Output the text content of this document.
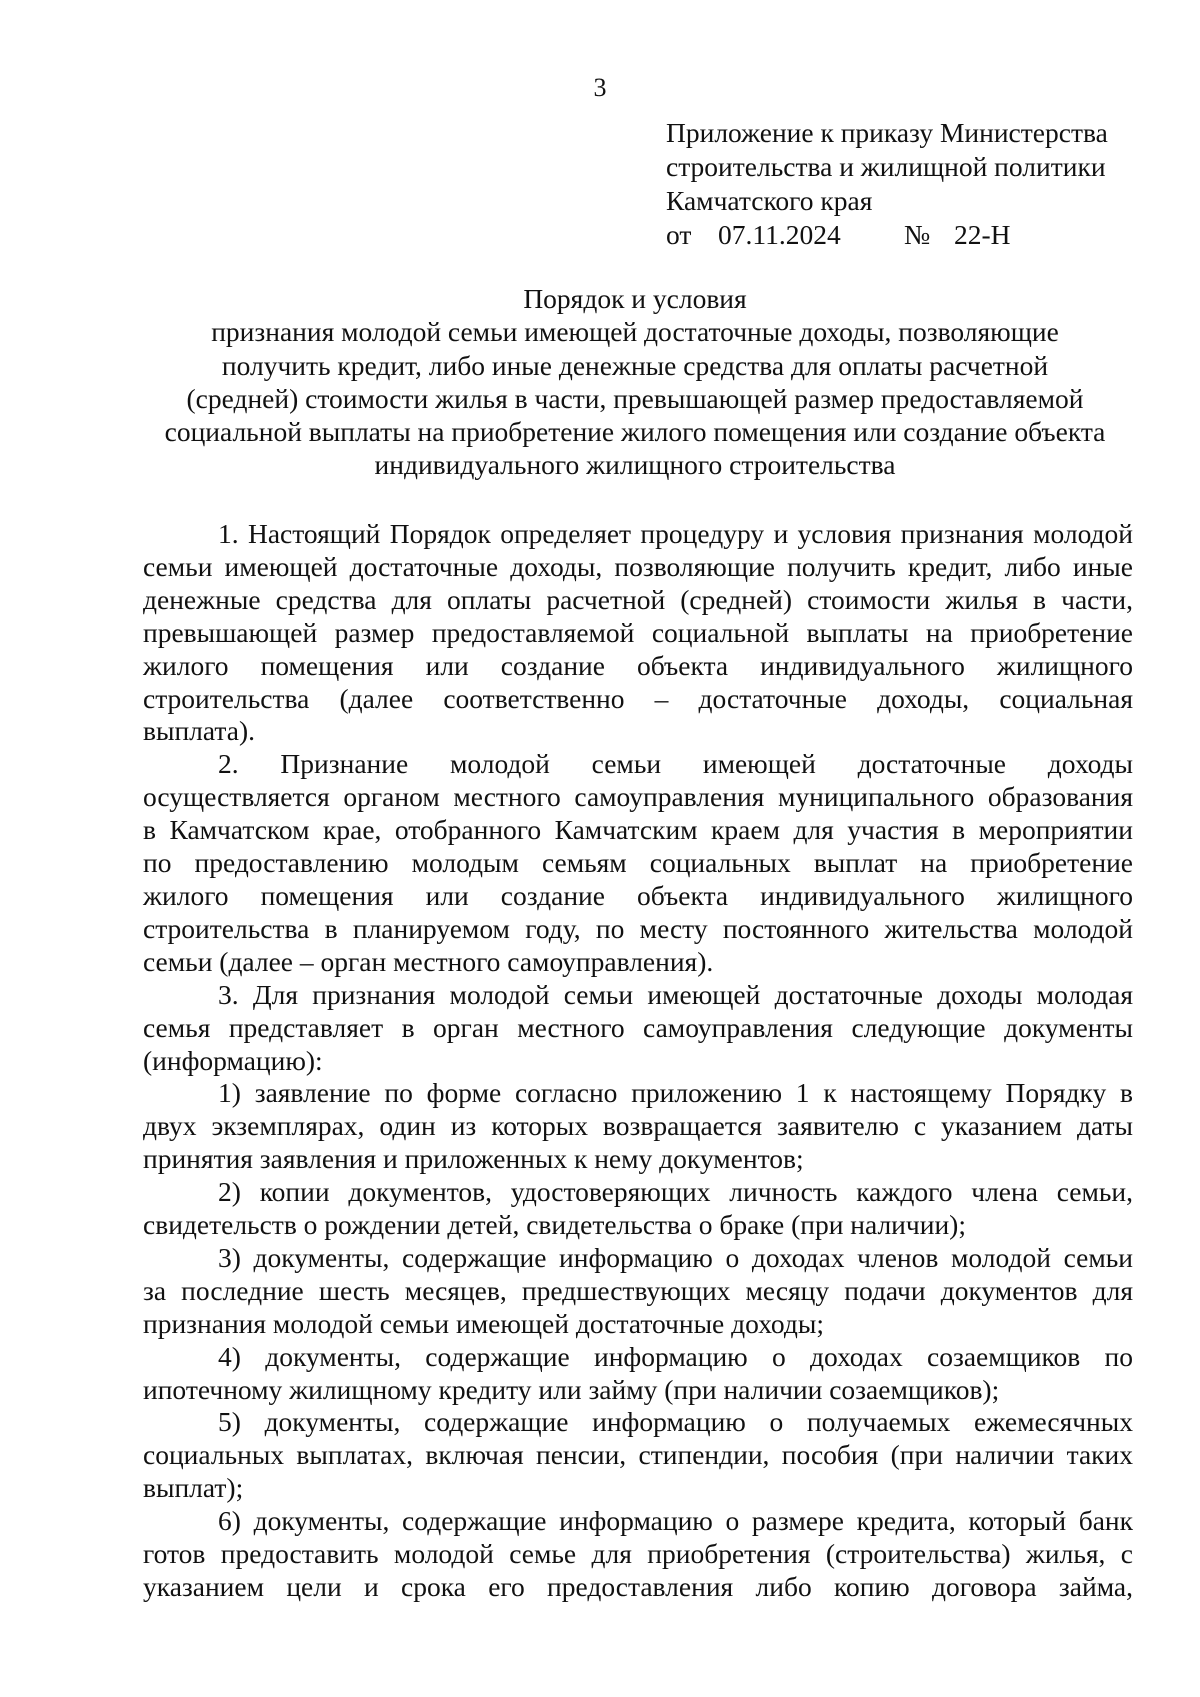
3
Приложение к приказу Министерства
строительства и жилищной политики
Камчатского края
от 07.11.2024	№ 22-Н
Порядок и условия
признания молодой семьи имеющей достаточные доходы, позволяющие
получить кредит, либо иные денежные средства для оплаты расчетной
(средней) стоимости жилья в части, превышающей размер предоставляемой
социальной выплаты на приобретение жилого помещения или создание объекта
индивидуального жилищного строительства
1. Настоящий Порядок определяет процедуру и условия признания молодой
семьи имеющей достаточные доходы, позволяющие получить кредит, либо иные
денежные средства для оплаты расчетной (средней) стоимости жилья в части,
превышающей размер предоставляемой социальной выплаты на приобретение
жилого помещения или создание объекта индивидуального жилищного
строительства (далее соответственно – достаточные доходы, социальная
выплата).
2. Признание молодой семьи имеющей достаточные доходы
осуществляется органом местного самоуправления муниципального образования
в Камчатском крае, отобранного Камчатским краем для участия в мероприятии
по предоставлению молодым семьям социальных выплат на приобретение
жилого помещения или создание объекта индивидуального жилищного
строительства в планируемом году, по месту постоянного жительства молодой
семьи (далее – орган местного самоуправления).
3. Для признания молодой семьи имеющей достаточные доходы молодая
семья представляет в орган местного самоуправления следующие документы
(информацию):
1) заявление по форме согласно приложению 1 к настоящему Порядку в
двух экземплярах, один из которых возвращается заявителю с указанием даты
принятия заявления и приложенных к нему документов;
2) копии документов, удостоверяющих личность каждого члена семьи,
свидетельств о рождении детей, свидетельства о браке (при наличии);
3) документы, содержащие информацию о доходах членов молодой семьи
за последние шесть месяцев, предшествующих месяцу подачи документов для
признания молодой семьи имеющей достаточные доходы;
4) документы, содержащие информацию о доходах созаемщиков по
ипотечному жилищному кредиту или займу (при наличии созаемщиков);
5) документы, содержащие информацию о получаемых ежемесячных
социальных выплатах, включая пенсии, стипендии, пособия (при наличии таких
выплат);
6) документы, содержащие информацию о размере кредита, который банк
готов предоставить молодой семье для приобретения (строительства) жилья, с
указанием цели и срока его предоставления либо копию договора займа,
